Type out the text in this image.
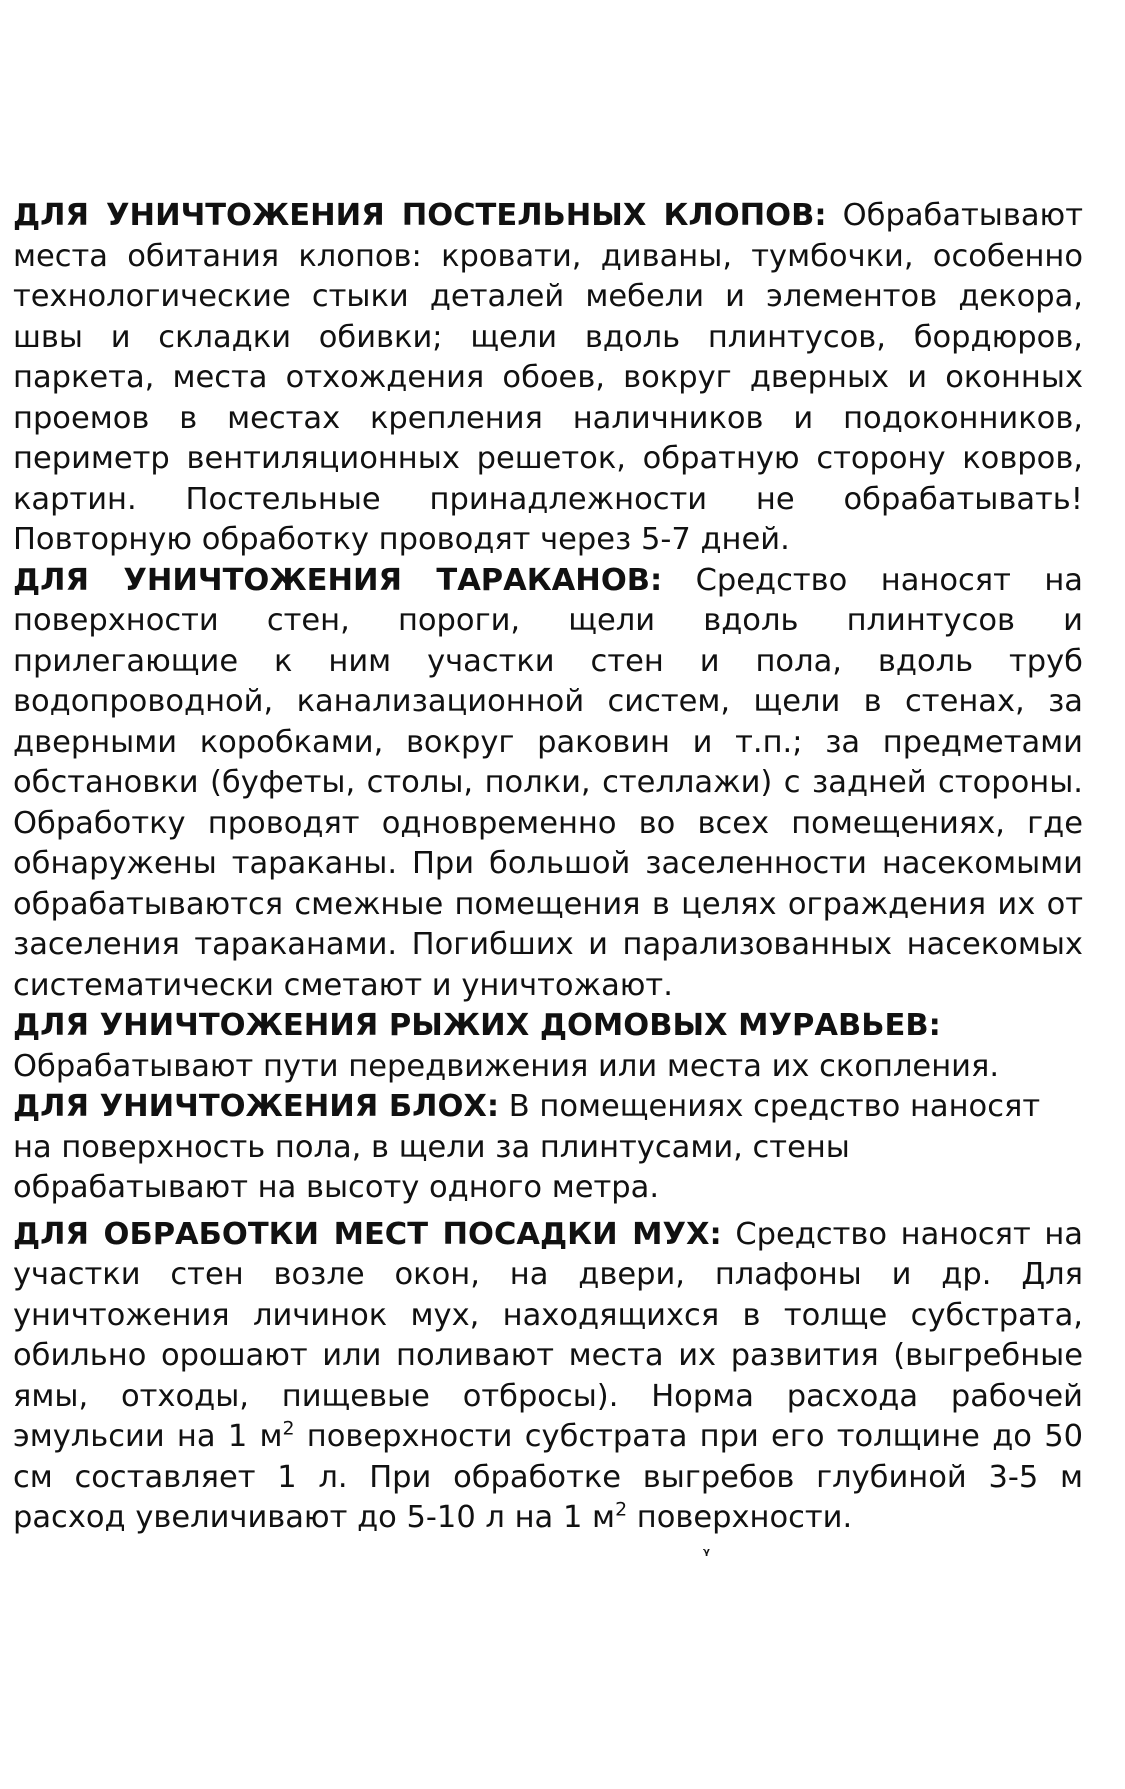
ДЛЯ УНИЧТОЖЕНИЯ ПОСТЕЛЬНЫХ КЛОПОВ: Обрабатывают места обитания клопов: кровати, диваны, тумбочки, особенно технологические стыки деталей мебели и элементов декора, швы и складки обивки; щели вдоль плинтусов, бордюров, паркета, места отхождения обоев, вокруг дверных и оконных проемов в местах крепления наличников и подоконников, периметр вентиляционных решеток, обратную сторону ковров, картин. Постельные принадлежности не обрабатывать! Повторную обработку проводят через 5-7 дней.

ДЛЯ УНИЧТОЖЕНИЯ ТАРАКАНОВ: Средство наносят на поверхности стен, пороги, щели вдоль плинтусов и прилегающие к ним участки стен и пола, вдоль труб водопроводной, канализационной систем, щели в стенах, за дверными коробками, вокруг раковин и т.п.; за предметами обстановки (буфеты, столы, полки, стеллажи) с задней стороны. Обработку проводят одновременно во всех помещениях, где обнаружены тараканы. При большой заселенности насекомыми обрабатываются смежные помещения в целях ограждения их от заселения тараканами. Погибших и парализованных насекомых систематически сметают и уничтожают.

ДЛЯ УНИЧТОЖЕНИЯ РЫЖИХ ДОМОВЫХ МУРАВЬЕВ:
Обрабатывают пути передвижения или места их скопления.

ДЛЯ УНИЧТОЖЕНИЯ БЛОХ: В помещениях средство наносят на поверхность пола, в щели за плинтусами, стены обрабатывают на высоту одного метра.

ДЛЯ ОБРАБОТКИ МЕСТ ПОСАДКИ МУХ: Средство наносят на участки стен возле окон, на двери, плафоны и др. Для уничтожения личинок мух, находящихся в толще субстрата, обильно орошают или поливают места их развития (выгребные ямы, отходы, пищевые отбросы). Норма расхода рабочей эмульсии на 1 $м^2$ поверхности субстрата при его толщине до 50 см составляет 1 л. При обработке выгребов глубиной 3-5 м расход увеличивают до 5-10 л на 1 $м^2$ поверхности.

ᵧ
